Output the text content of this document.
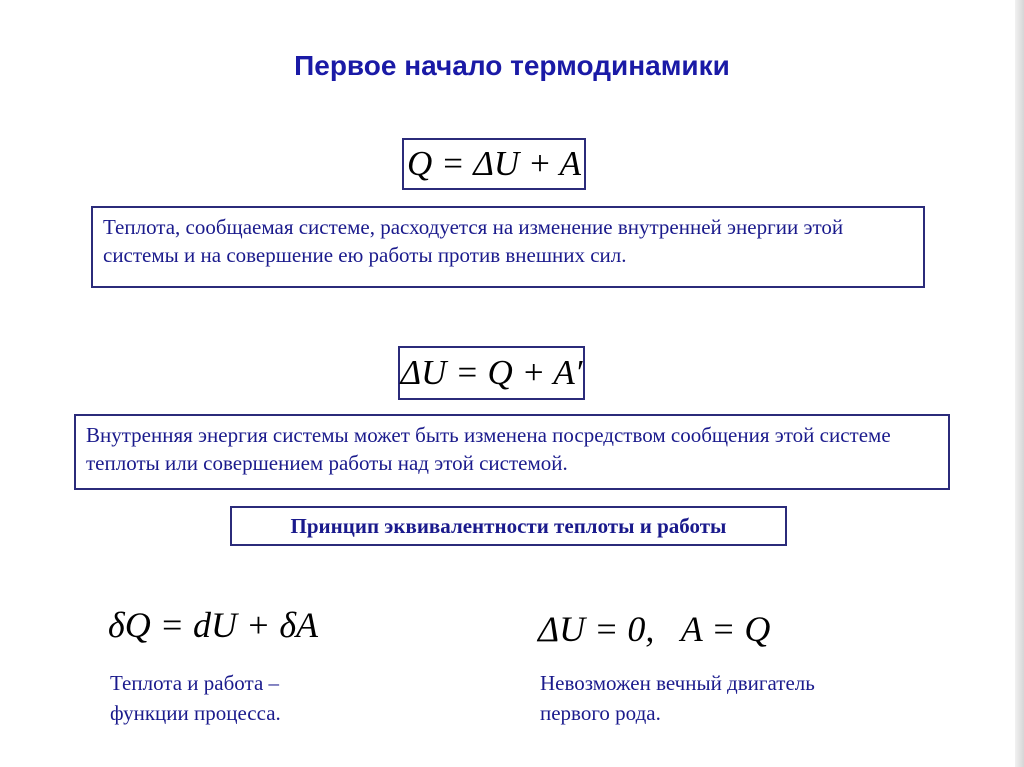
Первое начало термодинамики
Q = ΔU + A
Теплота, сообщаемая системе, расходуется на изменение внутренней энергии этой системы и на совершение ею работы против внешних сил.
ΔU = Q + A′
Внутренняя энергия системы может быть изменена посредством сообщения этой системе теплоты или совершением работы над этой системой.
Принцип эквивалентности теплоты и работы
δQ = dU + δA	ΔU = 0,   A = Q
Теплота и работа – функции процесса.
Невозможен вечный двигатель первого рода.
